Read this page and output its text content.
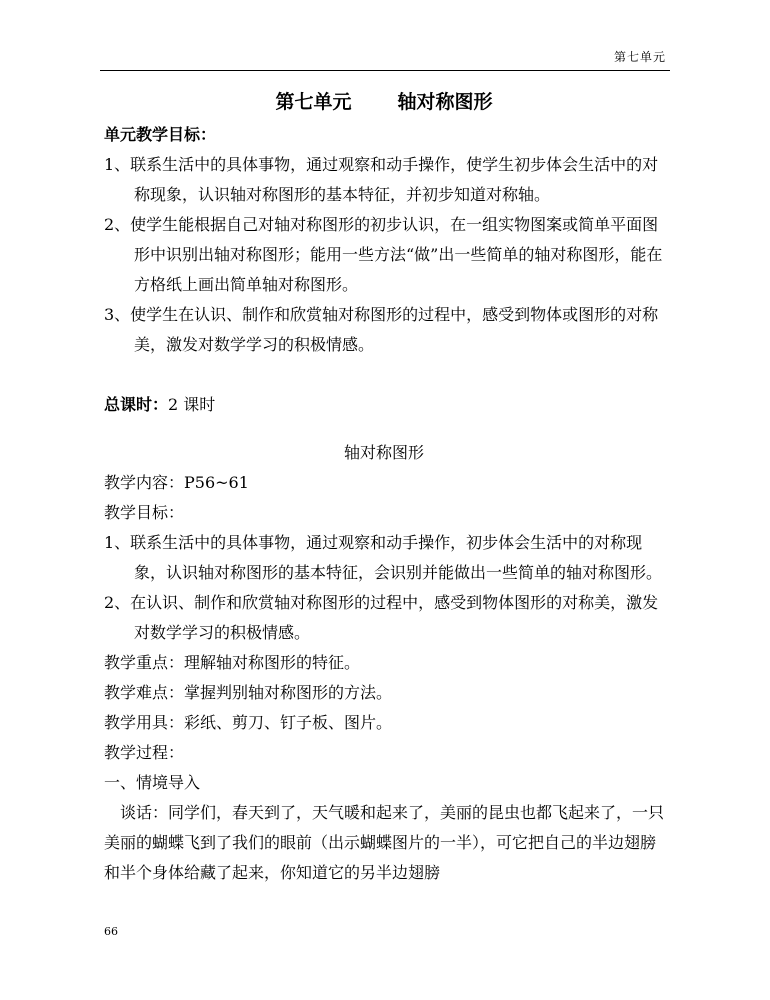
第七单元
第七单元 轴对称图形
单元教学目标：
1、联系生活中的具体事物，通过观察和动手操作，使学生初步体会生活中的对称现象，认识轴对称图形的基本特征，并初步知道对称轴。
2、使学生能根据自己对轴对称图形的初步认识，在一组实物图案或简单平面图形中识别出轴对称图形；能用一些方法“做”出一些简单的轴对称图形，能在方格纸上画出简单轴对称图形。
3、使学生在认识、制作和欣赏轴对称图形的过程中，感受到物体或图形的对称美，激发对数学学习的积极情感。
总课时：2 课时
轴对称图形
教学内容：P56~61
教学目标：
1、联系生活中的具体事物，通过观察和动手操作，初步体会生活中的对称现象，认识轴对称图形的基本特征，会识别并能做出一些简单的轴对称图形。
2、在认识、制作和欣赏轴对称图形的过程中，感受到物体图形的对称美，激发对数学学习的积极情感。
教学重点：理解轴对称图形的特征。
教学难点：掌握判别轴对称图形的方法。
教学用具：彩纸、剪刀、钉子板、图片。
教学过程：
一、情境导入
谈话：同学们，春天到了，天气暖和起来了，美丽的昆虫也都飞起来了，一只美丽的蝴蝶飞到了我们的眼前（出示蝴蝶图片的一半），可它把自己的半边翅膀和半个身体给藏了起来，你知道它的另半边翅膀
66
